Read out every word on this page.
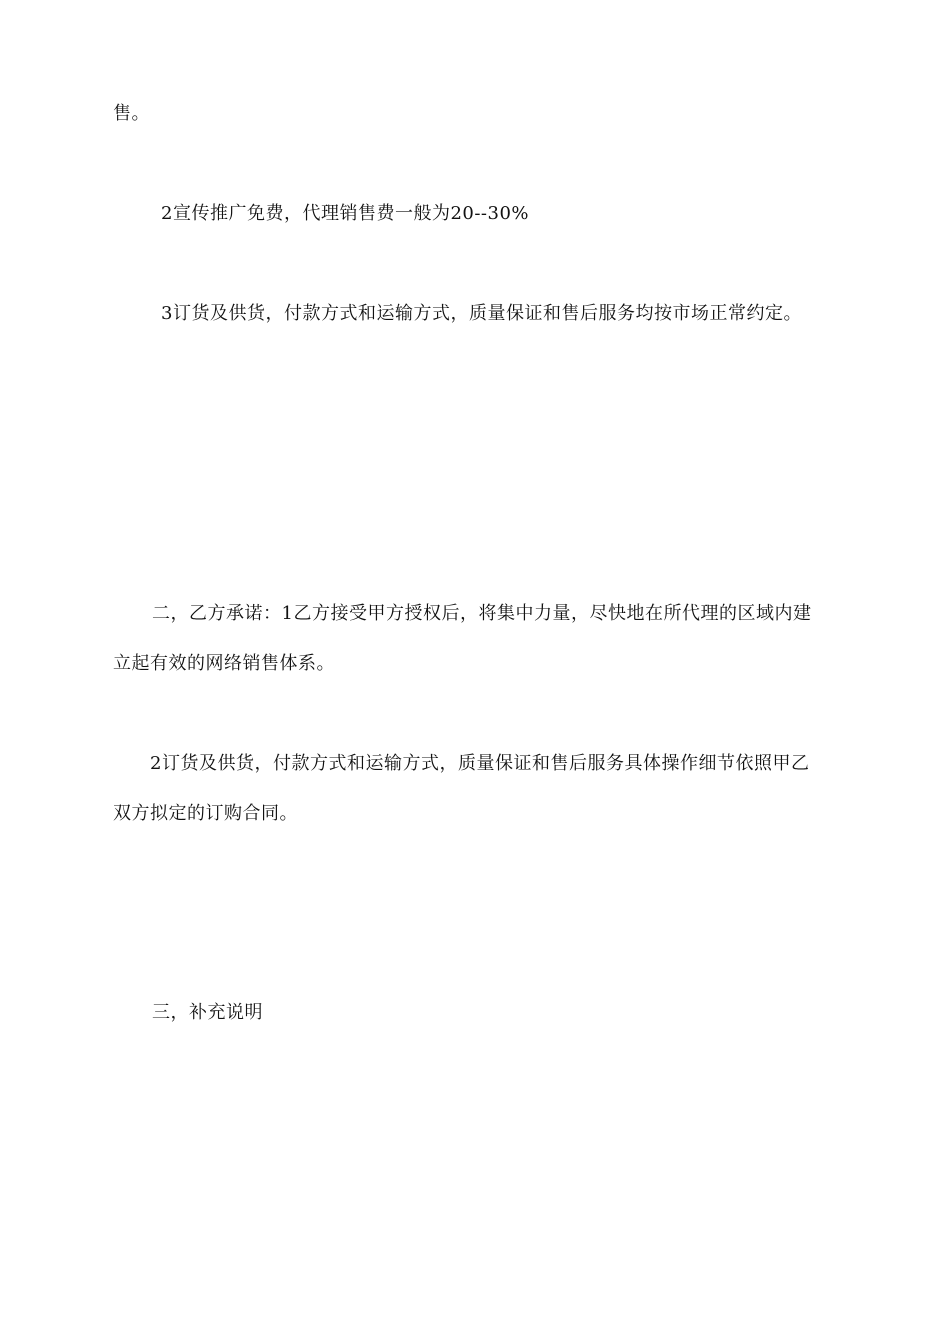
售。
2宣传推广免费，代理销售费一般为20--30%
3订货及供货，付款方式和运输方式，质量保证和售后服务均按市场正常约定。
二，乙方承诺：1乙方接受甲方授权后，将集中力量，尽快地在所代理的区域内建
立起有效的网络销售体系。
2订货及供货，付款方式和运输方式，质量保证和售后服务具体操作细节依照甲乙
双方拟定的订购合同。
三，补充说明
